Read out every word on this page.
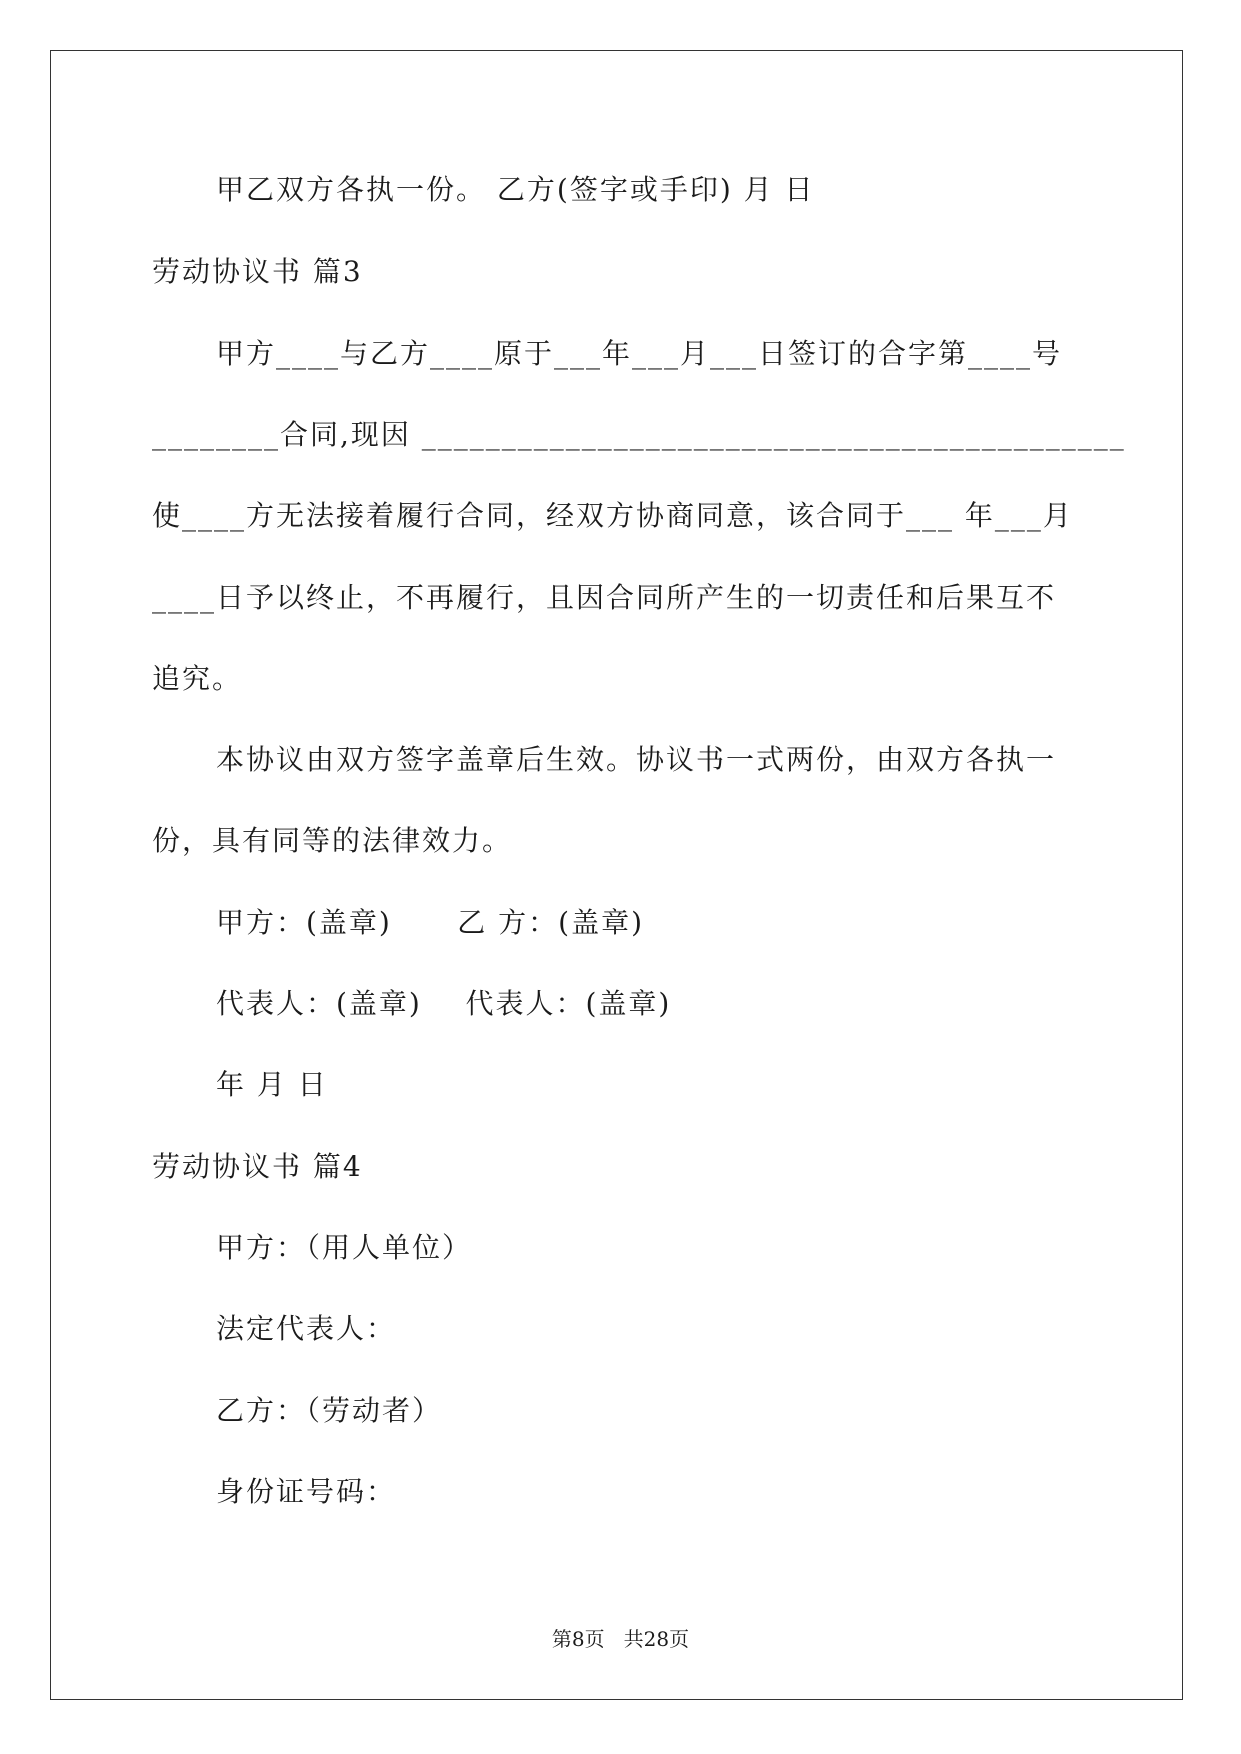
甲乙双方各执一份。 乙方(签字或手印) 月 日
劳动协议书 篇3
甲方____与乙方____原于___年___月___日签订的合字第____号
________合同,现因 ____________________________________________
使____方无法接着履行合同，经双方协商同意，该合同于___ 年___月
____日予以终止，不再履行，且因合同所产生的一切责任和后果互不
追究。
本协议由双方签字盖章后生效。协议书一式两份，由双方各执一
份，具有同等的法律效力。
甲方：(盖章)      乙 方：(盖章)
代表人：(盖章)    代表人：(盖章)
年 月 日
劳动协议书 篇4
甲方：（用人单位）
法定代表人：
乙方：（劳动者）
身份证号码：
第8页   共28页
